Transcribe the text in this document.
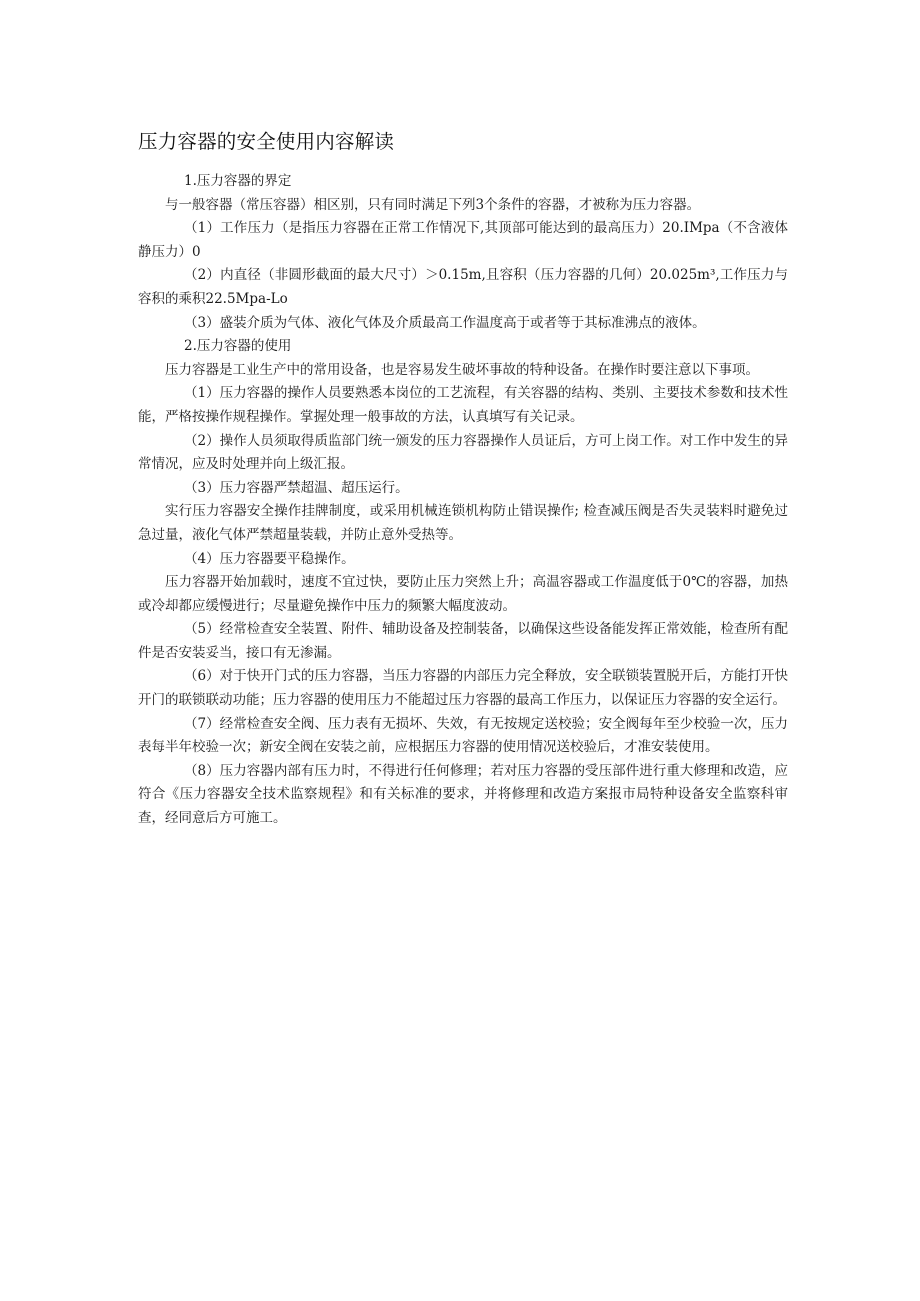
压力容器的安全使用内容解读

1.压力容器的界定

与一般容器（常压容器）相区别，只有同时满足下列3个条件的容器，才被称为压力容器。

（1）工作压力（是指压力容器在正常工作情况下,其顶部可能达到的最高压力）20.IMpa（不含液体静压力）0

（2）内直径（非圆形截面的最大尺寸）＞0.15m,且容积（压力容器的几何）20.025m³,工作压力与容积的乘积22.5Mpa-Lo

（3）盛装介质为气体、液化气体及介质最高工作温度高于或者等于其标准沸点的液体。

2.压力容器的使用

压力容器是工业生产中的常用设备，也是容易发生破坏事故的特种设备。在操作时要注意以下事项。

（1）压力容器的操作人员要熟悉本岗位的工艺流程，有关容器的结构、类别、主要技术参数和技术性能，严格按操作规程操作。掌握处理一般事故的方法，认真填写有关记录。

（2）操作人员须取得质监部门统一颁发的压力容器操作人员证后，方可上岗工作。对工作中发生的异常情况，应及时处理并向上级汇报。

（3）压力容器严禁超温、超压运行。

实行压力容器安全操作挂牌制度，或采用机械连锁机构防止错误操作; 检查减压阀是否失灵装料时避免过急过量，液化气体严禁超量装载，并防止意外受热等。

（4）压力容器要平稳操作。

压力容器开始加载时，速度不宜过快，要防止压力突然上升；高温容器或工作温度低于0℃的容器，加热或冷却都应缓慢进行；尽量避免操作中压力的频繁大幅度波动。

（5）经常检查安全装置、附件、辅助设备及控制装备，以确保这些设备能发挥正常效能，检查所有配件是否安装妥当，接口有无渗漏。

（6）对于快开门式的压力容器，当压力容器的内部压力完全释放，安全联锁装置脱开后，方能打开快开门的联锁联动功能；压力容器的使用压力不能超过压力容器的最高工作压力，以保证压力容器的安全运行。

（7）经常检查安全阀、压力表有无损坏、失效，有无按规定送校验；安全阀每年至少校验一次，压力表每半年校验一次；新安全阀在安装之前，应根据压力容器的使用情况送校验后，才准安装使用。

（8）压力容器内部有压力时，不得进行任何修理；若对压力容器的受压部件进行重大修理和改造，应符合《压力容器安全技术监察规程》和有关标准的要求，并将修理和改造方案报市局特种设备安全监察科审查，经同意后方可施工。
